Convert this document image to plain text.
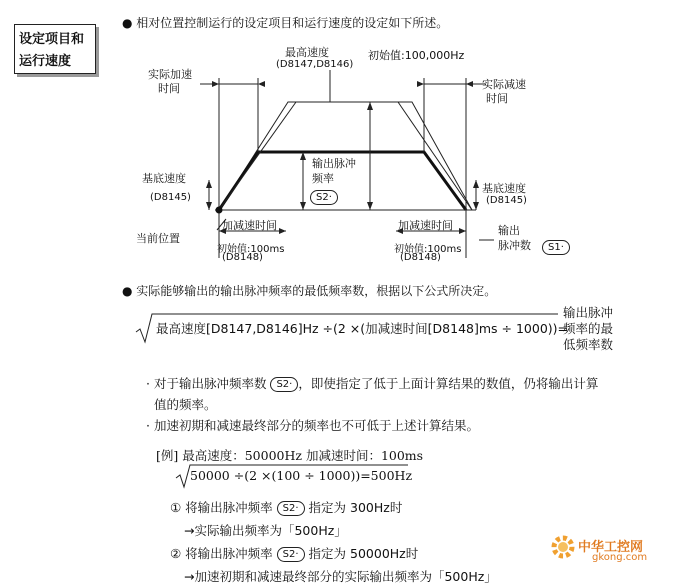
设定项目和
运行速度
● 相对位置控制运行的设定项目和运行速度的设定如下所述。
最高速度
(D8147,D8146)
初始值:100,000Hz
实际加速
时间	实际减速
时间
输出脉冲
频率
S2·
基底速度
(D8145)
基底速度
(D8145)
当前位置
加减速时间	加减速时间
初始值:100ms
(D8148)
初始值:100ms
(D8148)
输出
脉冲数	S1·
● 实际能够输出的输出脉冲频率的最低频率数，根据以下公式所决定。
最高速度[D8147,D8146]Hz ÷(2 ×(加减速时间[D8148]ms ÷ 1000))=
输出脉冲
频率的最
低频率数
· 对于输出脉冲频率数 S2· ，即使指定了低于上面计算结果的数值，仍将输出计算
值的频率。
· 加速初期和减速最终部分的频率也不可低于上述计算结果。
[例] 最高速度：50000Hz 加减速时间：100ms
50000 ÷(2 ×(100 ÷ 1000))=500Hz
① 将输出脉冲频率 S2· 指定为 300Hz时
→实际输出频率为「500Hz」
② 将输出脉冲频率 S2· 指定为 50000Hz时
→加速初期和减速最终部分的实际输出频率为「500Hz」
中华工控网
gkong.com
